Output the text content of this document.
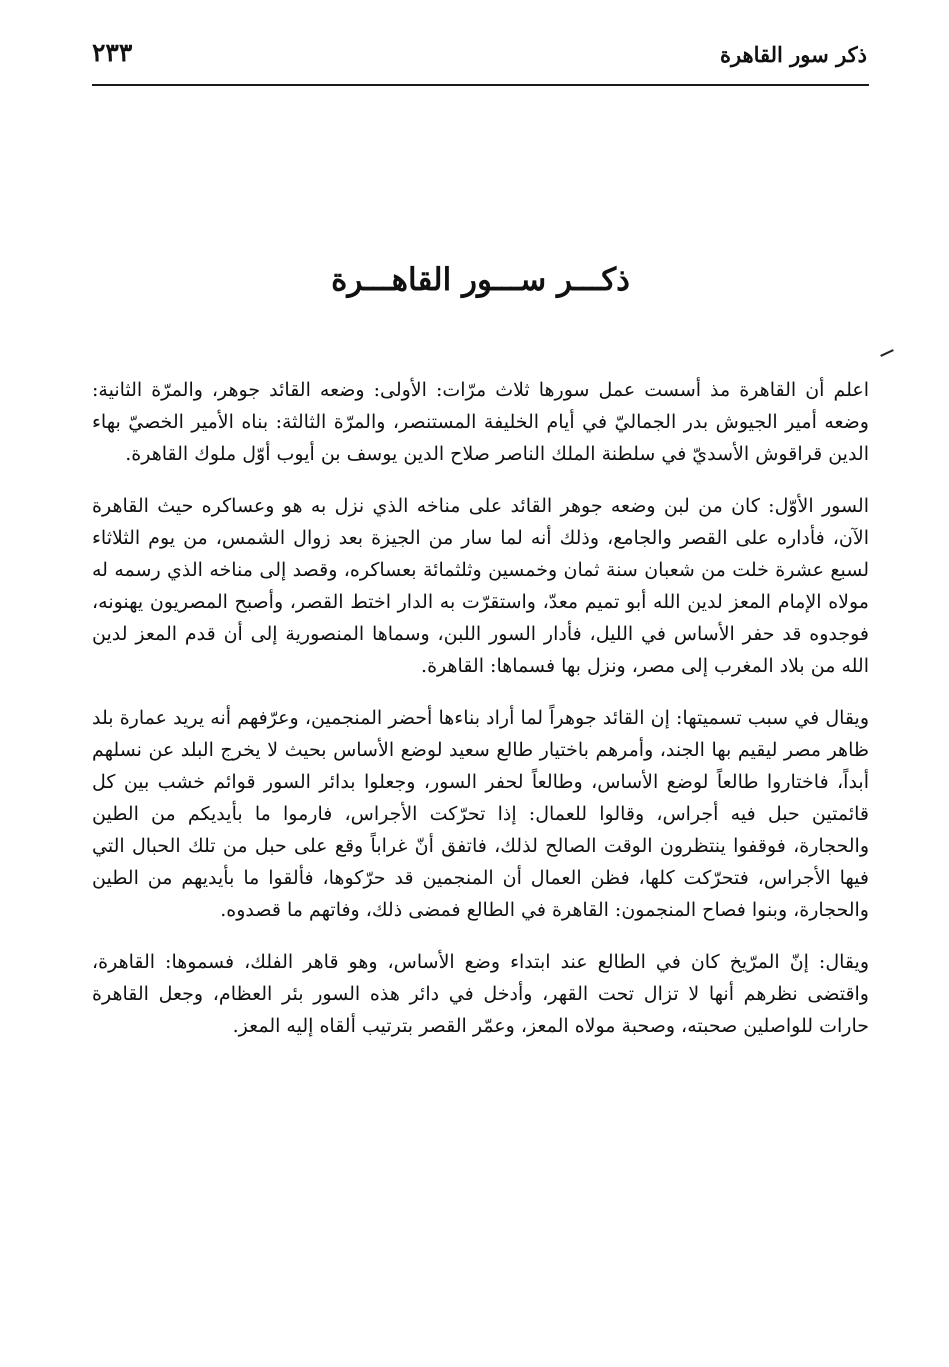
ذكر سور القاهرة
٢٣٣
ذكـــر ســـور القاهـــرة

اعلم أن القاهرة مذ أسست عمل سورها ثلاث مرّات: الأولى: وضعه القائد جوهر، والمرّة الثانية: وضعه أمير الجيوش بدر الجماليّ في أيام الخليفة المستنصر، والمرّة الثالثة: بناه الأمير الخصيّ بهاء الدين قراقوش الأسديّ في سلطنة الملك الناصر صلاح الدين يوسف بن أيوب أوّل ملوك القاهرة.

السور الأوّل: كان من لبن وضعه جوهر القائد على مناخه الذي نزل به هو وعساكره حيث القاهرة الآن، فأداره على القصر والجامع، وذلك أنه لما سار من الجيزة بعد زوال الشمس، من يوم الثلاثاء لسبع عشرة خلت من شعبان سنة ثمان وخمسين وثلثمائة بعساكره، وقصد إلى مناخه الذي رسمه له مولاه الإمام المعز لدين الله أبو تميم معدّ، واستقرّت به الدار اختط القصر، وأصبح المصريون يهنونه، فوجدوه قد حفر الأساس في الليل، فأدار السور اللبن، وسماها المنصورية إلى أن قدم المعز لدين الله من بلاد المغرب إلى مصر، ونزل بها فسماها: القاهرة.

ويقال في سبب تسميتها: إن القائد جوهراً لما أراد بناءها أحضر المنجمين، وعرّفهم أنه يريد عمارة بلد ظاهر مصر ليقيم بها الجند، وأمرهم باختيار طالع سعيد لوضع الأساس بحيث لا يخرج البلد عن نسلهم أبداً، فاختاروا طالعاً لوضع الأساس، وطالعاً لحفر السور، وجعلوا بدائر السور قوائم خشب بين كل قائمتين حبل فيه أجراس، وقالوا للعمال: إذا تحرّكت الأجراس، فارموا ما بأيديكم من الطين والحجارة، فوقفوا ينتظرون الوقت الصالح لذلك، فاتفق أنّ غراباً وقع على حبل من تلك الحبال التي فيها الأجراس، فتحرّكت كلها، فظن العمال أن المنجمين قد حرّكوها، فألقوا ما بأيديهم من الطين والحجارة، وبنوا فصاح المنجمون: القاهرة في الطالع فمضى ذلك، وفاتهم ما قصدوه.

ويقال: إنّ المرّيخ كان في الطالع عند ابتداء وضع الأساس، وهو قاهر الفلك، فسموها: القاهرة، واقتضى نظرهم أنها لا تزال تحت القهر، وأدخل في دائر هذه السور بئر العظام، وجعل القاهرة حارات للواصلين صحبته، وصحبة مولاه المعز، وعمّر القصر بترتيب ألقاه إليه المعز.
